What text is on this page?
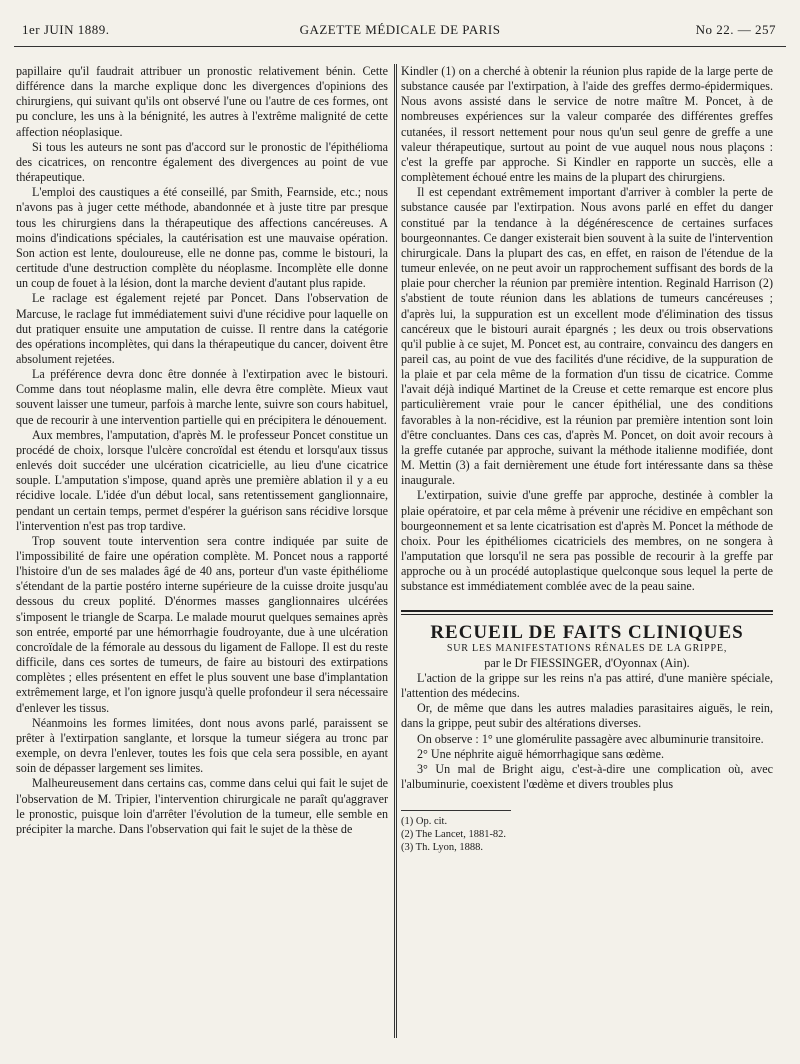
1er JUIN 1889.	GAZETTE MÉDICALE DE PARIS	No 22. — 257

papillaire qu'il faudrait attribuer un pronostic relativement bénin. Cette différence dans la marche explique donc les divergences d'opinions des chirurgiens, qui suivant qu'ils ont observé l'une ou l'autre de ces formes, ont pu conclure, les uns à la bénignité, les autres à l'extrême malignité de cette affection néoplasique.

Si tous les auteurs ne sont pas d'accord sur le pronostic de l'épithélioma des cicatrices, on rencontre également des divergences au point de vue thérapeutique.

L'emploi des caustiques a été conseillé, par Smith, Fearnside, etc.; nous n'avons pas à juger cette méthode, abandonnée et à juste titre par presque tous les chirurgiens dans la thérapeutique des affections cancéreuses. A moins d'indications spéciales, la cautérisation est une mauvaise opération. Son action est lente, douloureuse, elle ne donne pas, comme le bistouri, la certitude d'une destruction complète du néoplasme. Incomplète elle donne un coup de fouet à la lésion, dont la marche devient d'autant plus rapide.

Le raclage est également rejeté par Poncet. Dans l'observation de Marcuse, le raclage fut immédiatement suivi d'une récidive pour laquelle on dut pratiquer ensuite une amputation de cuisse. Il rentre dans la catégorie des opérations incomplètes, qui dans la thérapeutique du cancer, doivent être absolument rejetées.

La préférence devra donc être donnée à l'extirpation avec le bistouri. Comme dans tout néoplasme malin, elle devra être complète. Mieux vaut souvent laisser une tumeur, parfois à marche lente, suivre son cours habituel, que de recourir à une intervention partielle qui en précipitera le dénouement.

Aux membres, l'amputation, d'après M. le professeur Poncet constitue un procédé de choix, lorsque l'ulcère concroïdal est étendu et lorsqu'aux tissus enlevés doit succéder une ulcération cicatricielle, au lieu d'une cicatrice souple. L'amputation s'impose, quand après une première ablation il y a eu récidive locale. L'idée d'un début local, sans retentissement ganglionnaire, pendant un certain temps, permet d'espérer la guérison sans récidive lorsque l'intervention n'est pas trop tardive.

Trop souvent toute intervention sera contre indiquée par suite de l'impossibilité de faire une opération complète. M. Poncet nous a rapporté l'histoire d'un de ses malades âgé de 40 ans, porteur d'un vaste épithéliome s'étendant de la partie postéro interne supérieure de la cuisse droite jusqu'au dessous du creux poplité. D'énormes masses ganglionnaires ulcérées s'imposent le triangle de Scarpa. Le malade mourut quelques semaines après son entrée, emporté par une hémorrhagie foudroyante, due à une ulcération concroïdale de la fémorale au dessous du ligament de Fallope. Il est du reste difficile, dans ces sortes de tumeurs, de faire au bistouri des extirpations complètes ; elles présentent en effet le plus souvent une base d'implantation extrêmement large, et l'on ignore jusqu'à quelle profondeur il sera nécessaire d'enlever les tissus.

Néanmoins les formes limitées, dont nous avons parlé, paraissent se prêter à l'extirpation sanglante, et lorsque la tumeur siégera au tronc par exemple, on devra l'enlever, toutes les fois que cela sera possible, en ayant soin de dépasser largement ses limites.

Malheureusement dans certains cas, comme dans celui qui fait le sujet de l'observation de M. Tripier, l'intervention chirurgicale ne paraît qu'aggraver le pronostic, puisque loin d'arrêter l'évolution de la tumeur, elle semble en précipiter la marche. Dans l'observation qui fait le sujet de la thèse de

Kindler (1) on a cherché à obtenir la réunion plus rapide de la large perte de substance causée par l'extirpation, à l'aide des greffes dermo-épidermiques. Nous avons assisté dans le service de notre maître M. Poncet, à de nombreuses expériences sur la valeur comparée des différentes greffes cutanées, il ressort nettement pour nous qu'un seul genre de greffe a une valeur thérapeutique, surtout au point de vue auquel nous nous plaçons : c'est la greffe par approche. Si Kindler en rapporte un succès, elle a complètement échoué entre les mains de la plupart des chirurgiens.

Il est cependant extrêmement important d'arriver à combler la perte de substance causée par l'extirpation. Nous avons parlé en effet du danger constitué par la tendance à la dégénérescence de certaines surfaces bourgeonnantes. Ce danger existerait bien souvent à la suite de l'intervention chirurgicale. Dans la plupart des cas, en effet, en raison de l'étendue de la tumeur enlevée, on ne peut avoir un rapprochement suffisant des bords de la plaie pour chercher la réunion par première intention. Reginald Harrison (2) s'abstient de toute réunion dans les ablations de tumeurs cancéreuses ; d'après lui, la suppuration est un excellent mode d'élimination des tissus cancéreux que le bistouri aurait épargnés ; les deux ou trois observations qu'il publie à ce sujet, M. Poncet est, au contraire, convaincu des dangers en pareil cas, au point de vue des facilités d'une récidive, de la suppuration de la plaie et par cela même de la formation d'un tissu de cicatrice. Comme l'avait déjà indiqué Martinet de la Creuse et cette remarque est encore plus particulièrement vraie pour le cancer épithélial, une des conditions favorables à la non-récidive, est la réunion par première intention sont loin d'être concluantes. Dans ces cas, d'après M. Poncet, on doit avoir recours à la greffe cutanée par approche, suivant la méthode italienne modifiée, dont M. Mettin (3) a fait dernièrement une étude fort intéressante dans sa thèse inaugurale.

L'extirpation, suivie d'une greffe par approche, destinée à combler la plaie opératoire, et par cela même à prévenir une récidive en empêchant son bourgeonnement et sa lente cicatrisation est d'après M. Poncet la méthode de choix. Pour les épithéliomes cicatriciels des membres, on ne songera à l'amputation que lorsqu'il ne sera pas possible de recourir à la greffe par approche ou à un procédé autoplastique quelconque sous lequel la perte de substance est immédiatement comblée avec de la peau saine.

RECUEIL DE FAITS CLINIQUES

SUR LES MANIFESTATIONS RÉNALES DE LA GRIPPE,

par le Dr FIESSINGER, d'Oyonnax (Ain).

L'action de la grippe sur les reins n'a pas attiré, d'une manière spéciale, l'attention des médecins.

Or, de même que dans les autres maladies parasitaires aiguës, le rein, dans la grippe, peut subir des altérations diverses.

On observe : 1° une glomérulite passagère avec albuminurie transitoire.

2° Une néphrite aiguë hémorrhagique sans œdème.

3° Un mal de Bright aigu, c'est-à-dire une complication où, avec l'albuminurie, coexistent l'œdème et divers troubles plus

(1) Op. cit.

(2) The Lancet, 1881-82.

(3) Th. Lyon, 1888.
